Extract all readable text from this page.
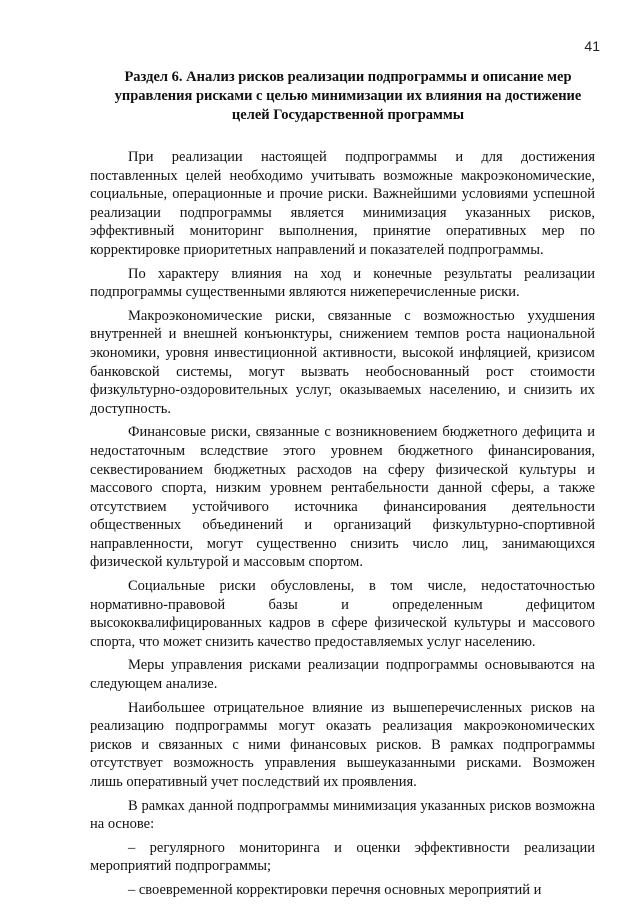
41
Раздел 6. Анализ рисков реализации подпрограммы и описание мер управления рисками с целью минимизации их влияния на достижение целей Государственной программы

При реализации настоящей подпрограммы и для достижения поставленных целей необходимо учитывать возможные макроэкономические, социальные, операционные и прочие риски. Важнейшими условиями успешной реализации подпрограммы является минимизация указанных рисков, эффективный мониторинг выполнения, принятие оперативных мер по корректировке приоритетных направлений и показателей подпрограммы.

По характеру влияния на ход и конечные результаты реализации подпрограммы существенными являются нижеперечисленные риски.

Макроэкономические риски, связанные с возможностью ухудшения внутренней и внешней конъюнктуры, снижением темпов роста национальной экономики, уровня инвестиционной активности, высокой инфляцией, кризисом банковской системы, могут вызвать необоснованный рост стоимости физкультурно-оздоровительных услуг, оказываемых населению, и снизить их доступность.

Финансовые риски, связанные с возникновением бюджетного дефицита и недостаточным вследствие этого уровнем бюджетного финансирования, секвестированием бюджетных расходов на сферу физической культуры и массового спорта, низким уровнем рентабельности данной сферы, а также отсутствием устойчивого источника финансирования деятельности общественных объединений и организаций физкультурно-спортивной направленности, могут существенно снизить число лиц, занимающихся физической культурой и массовым спортом.

Социальные риски обусловлены, в том числе, недостаточностью нормативно-правовой базы и определенным дефицитом высококвалифицированных кадров в сфере физической культуры и массового спорта, что может снизить качество предоставляемых услуг населению.

Меры управления рисками реализации подпрограммы основываются на следующем анализе.

Наибольшее отрицательное влияние из вышеперечисленных рисков на реализацию подпрограммы могут оказать реализация макроэкономических рисков и связанных с ними финансовых рисков. В рамках подпрограммы отсутствует возможность управления вышеуказанными рисками. Возможен лишь оперативный учет последствий их проявления.

В рамках данной подпрограммы минимизация указанных рисков возможна на основе:

– регулярного мониторинга и оценки эффективности реализации мероприятий подпрограммы;

– своевременной корректировки перечня основных мероприятий и
